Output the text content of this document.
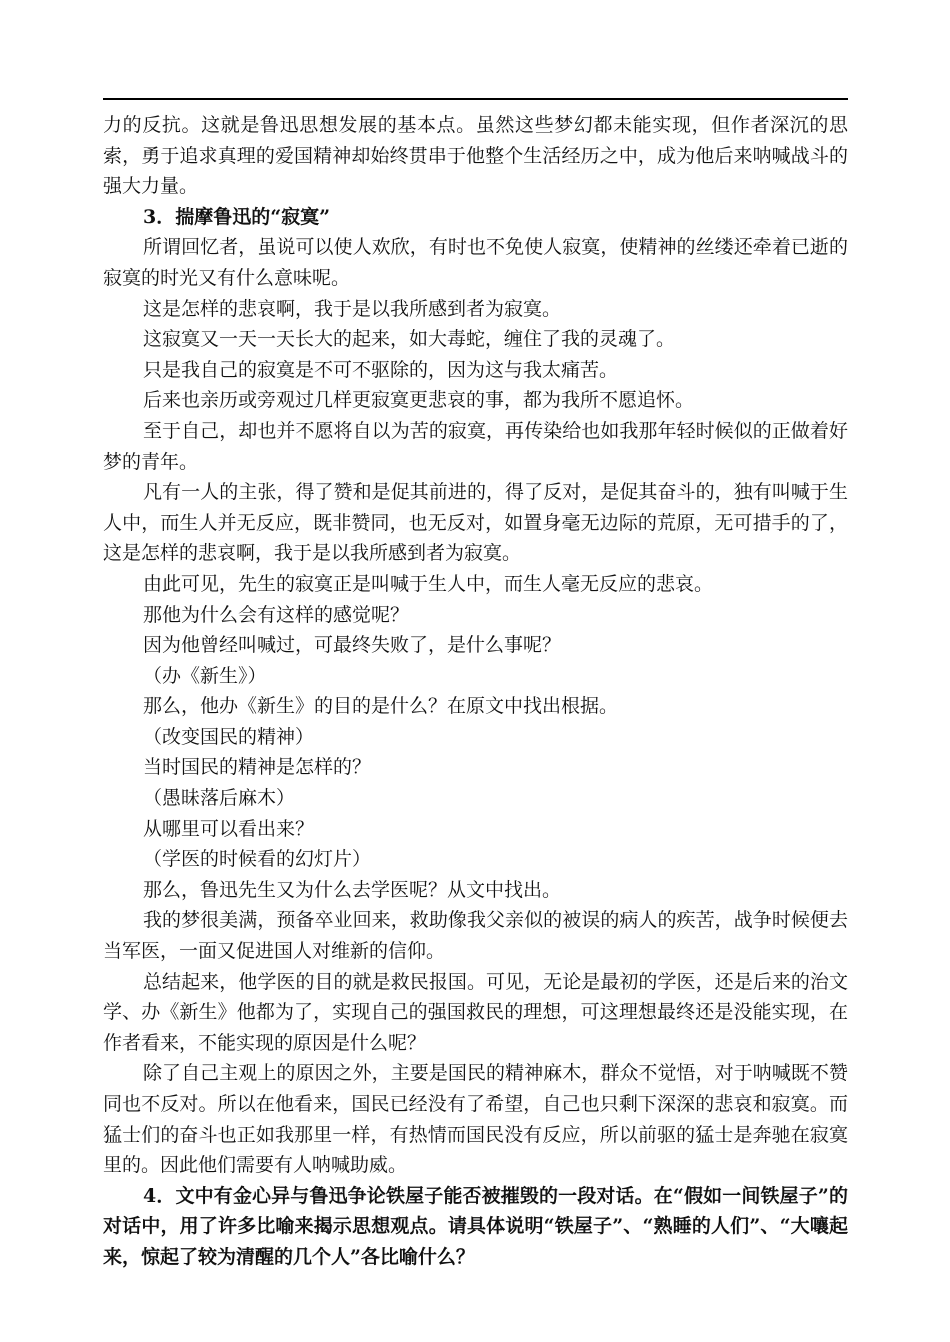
力的反抗。这就是鲁迅思想发展的基本点。虽然这些梦幻都未能实现，但作者深沉的思索，勇于追求真理的爱国精神却始终贯串于他整个生活经历之中，成为他后来呐喊战斗的强大力量。

3．揣摩鲁迅的“寂寞”

所谓回忆者，虽说可以使人欢欣，有时也不免使人寂寞，使精神的丝缕还牵着已逝的寂寞的时光又有什么意味呢。

这是怎样的悲哀啊，我于是以我所感到者为寂寞。

这寂寞又一天一天长大的起来，如大毒蛇，缠住了我的灵魂了。

只是我自己的寂寞是不可不驱除的，因为这与我太痛苦。

后来也亲历或旁观过几样更寂寞更悲哀的事，都为我所不愿追怀。

至于自己，却也并不愿将自以为苦的寂寞，再传染给也如我那年轻时候似的正做着好梦的青年。

凡有一人的主张，得了赞和是促其前进的，得了反对，是促其奋斗的，独有叫喊于生人中，而生人并无反应，既非赞同，也无反对，如置身毫无边际的荒原，无可措手的了，这是怎样的悲哀啊，我于是以我所感到者为寂寞。

由此可见，先生的寂寞正是叫喊于生人中，而生人毫无反应的悲哀。

那他为什么会有这样的感觉呢？

因为他曾经叫喊过，可最终失败了，是什么事呢？

（办《新生》）

那么，他办《新生》的目的是什么？在原文中找出根据。

（改变国民的精神）

当时国民的精神是怎样的？

（愚昧落后麻木）

从哪里可以看出来？

（学医的时候看的幻灯片）

那么，鲁迅先生又为什么去学医呢？从文中找出。

我的梦很美满，预备卒业回来，救助像我父亲似的被误的病人的疾苦，战争时候便去当军医，一面又促进国人对维新的信仰。

总结起来，他学医的目的就是救民报国。可见，无论是最初的学医，还是后来的治文学、办《新生》他都为了，实现自己的强国救民的理想，可这理想最终还是没能实现，在作者看来，不能实现的原因是什么呢？

除了自己主观上的原因之外，主要是国民的精神麻木，群众不觉悟，对于呐喊既不赞同也不反对。所以在他看来，国民已经没有了希望，自己也只剩下深深的悲哀和寂寞。而猛士们的奋斗也正如我那里一样，有热情而国民没有反应，所以前驱的猛士是奔驰在寂寞里的。因此他们需要有人呐喊助威。

4．文中有金心异与鲁迅争论铁屋子能否被摧毁的一段对话。在“假如一间铁屋子”的对话中，用了许多比喻来揭示思想观点。请具体说明“铁屋子”、“熟睡的人们”、“大嚷起来，惊起了较为清醒的几个人”各比喻什么？
